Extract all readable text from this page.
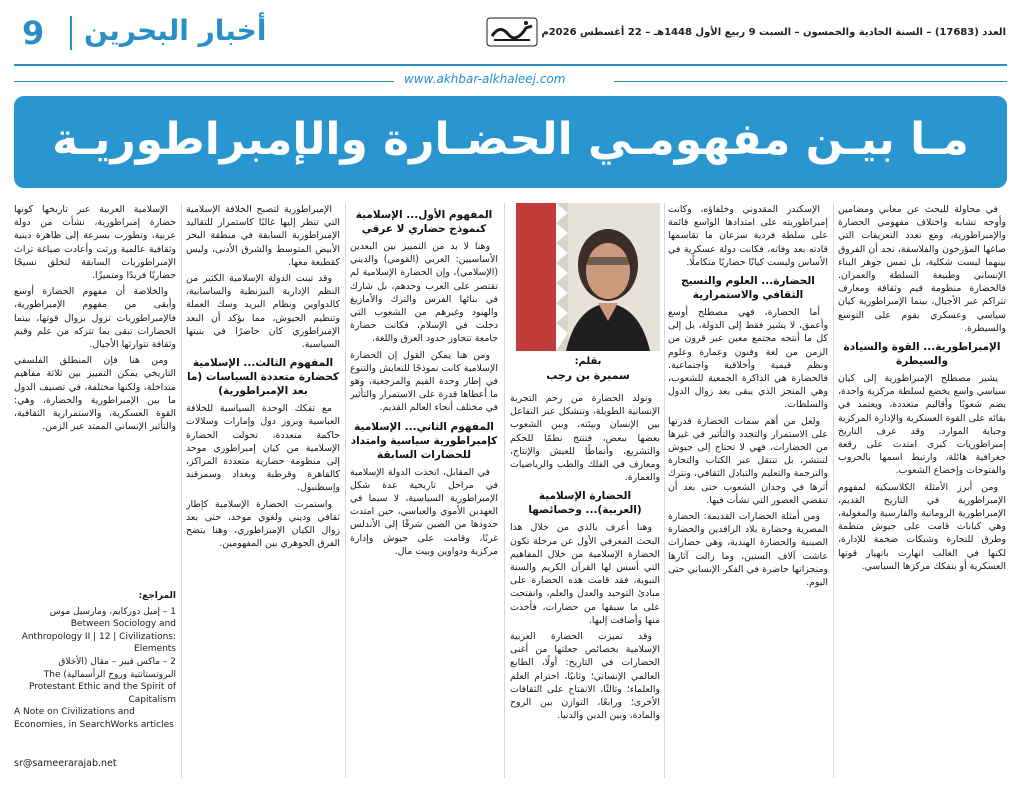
9 أخبار البحرين	العدد (17683) – السنة الحادية والخمسون – السبت 9 ربيع الأول 1448هـ – 22 أغسطس 2026م
www.akhbar-alkhaleej.com
مـا بيـن مفهومـي الحضـارة والإمبراطوريـة

في محاولة للبحث عن معاني ومضامين وأوجه تشابه واختلاف مفهومي الحضارة والإمبراطورية، ومع تعدد التعريفات التي صاغها المؤرخون والفلاسفة، نجد أن الفروق بينهما ليست شكلية، بل تمس جوهر البناء الإنساني وطبيعة السلطة والعمران. فالحضارة منظومة قيم وثقافة ومعارف تتراكم عبر الأجيال، بينما الإمبراطورية كيان سياسي وعسكري يقوم على التوسع والسيطرة.

الإمبراطورية... القوة والسيادة والسيطرة

يشير مصطلح الإمبراطورية إلى كيان سياسي واسع يخضع لسلطة مركزية واحدة، يضم شعوبًا وأقاليم متعددة، ويعتمد في بقائه على القوة العسكرية والإدارة المركزية وجباية الموارد. وقد عرف التاريخ إمبراطوريات كبرى امتدت على رقعة جغرافية هائلة، وارتبط اسمها بالحروب والفتوحات وإخضاع الشعوب.

ومن أبرز الأمثلة الكلاسيكية لمفهوم الإمبراطورية في التاريخ القديم، الإمبراطورية الرومانية والفارسية والمغولية، وهي كيانات قامت على جيوش منظمة وطرق للتجارة وشبكات ضخمة للإدارة، لكنها في الغالب انهارت بانهيار قوتها العسكرية أو بتفكك مركزها السياسي.

الإسكندر المقدوني وخلفاؤه، وكانت إمبراطوريته على امتدادها الواسع قائمة على سلطة فردية سرعان ما تقاسمها قادته بعد وفاته، فكانت دولة عسكرية في الأساس وليست كيانًا حضاريًا متكاملًا.

الحضارة... العلوم والنسيج الثقافي والاستمرارية

أما الحضارة، فهي مصطلح أوسع وأعمق، لا يشير فقط إلى الدولة، بل إلى كل ما أنتجه مجتمع معين عبر قرون من الزمن من لغة وفنون وعمارة وعلوم ونظم قيمية وأخلاقية واجتماعية. فالحضارة هي الذاكرة الجمعية للشعوب، وهي المنجز الذي يبقى بعد زوال الدول والسلطات.

ولعل من أهم سمات الحضارة قدرتها على الاستمرار والتجدد والتأثير في غيرها من الحضارات، فهي لا تحتاج إلى جيوش لتنتشر، بل تنتقل عبر الكتاب والتجارة والترجمة والتعليم والتبادل الثقافي، وتترك أثرها في وجدان الشعوب حتى بعد أن تنقضي العصور التي نشأت فيها.

ومن أمثلة الحضارات القديمة: الحضارة المصرية وحضارة بلاد الرافدين والحضارة الصينية والحضارة الهندية، وهي حضارات عاشت آلاف السنين، وما زالت آثارها ومنجزاتها حاضرة في الفكر الإنساني حتى اليوم.

بقلم:
سميرة بن رجب

ونولد الحضارة من رحم التجربة الإنسانية الطويلة، وتتشكل عبر التفاعل بين الإنسان وبيئته، وبين الشعوب بعضها ببعض، فتنتج نظمًا للحكم والتشريع، وأنماطًا للعيش والإنتاج، ومعارف في الفلك والطب والرياضيات والعمارة.

الحضارة الإسلامية (العربية)... وخصائصها

وهنا أعرف بالذي من خلال هذا البحث المعرفي الأول عن مرحلة تكون الحضارة الإسلامية من خلال المفاهيم التي أسس لها القرآن الكريم والسنة النبوية، فقد قامت هذه الحضارة على مبادئ التوحيد والعدل والعلم، وانفتحت على ما سبقها من حضارات، فأخذت منها وأضافت إليها.

وقد تميزت الحضارة العربية الإسلامية بخصائص جعلتها من أغنى الحضارات في التاريخ: أولًا، الطابع العالمي الإنساني؛ وثانيًا، احترام العلم والعلماء؛ وثالثًا، الانفتاح على الثقافات الأخرى؛ ورابعًا، التوازن بين الروح والمادة، وبين الدين والدنيا.

المفهوم الأول... الإسلامية كنموذج حضاري لا عرقي

وهنا لا بد من التمييز بين البعدين الأساسيين: العربي (القومي) والديني (الإسلامي)، وإن الحضارة الإسلامية لم تقتصر على العرب وحدهم، بل شارك في بنائها الفرس والترك والأمازيغ والهنود وغيرهم من الشعوب التي دخلت في الإسلام، فكانت حضارة جامعة تتجاوز حدود العرق واللغة.

ومن هنا يمكن القول إن الحضارة الإسلامية كانت نموذجًا للتعايش والتنوع في إطار وحدة القيم والمرجعية، وهو ما أعطاها قدرة على الاستمرار والتأثير في مختلف أنحاء العالم القديم.

المفهوم الثاني... الإسلامية كإمبراطورية سياسية وامتداد للحضارات السابقة

في المقابل، اتخذت الدولة الإسلامية في مراحل تاريخية عدة شكل الإمبراطورية السياسية، لا سيما في العهدين الأموي والعباسي، حين امتدت حدودها من الصين شرقًا إلى الأندلس غربًا، وقامت على جيوش وإدارة مركزية ودواوين وبيت مال.

الإمبراطورية لتصبح الخلافة الإسلامية التي تنظر إليها غالبًا كاستمرار للتقاليد الإمبراطورية السابقة في منطقة البحر الأبيض المتوسط والشرق الأدنى، وليس كقطيعة معها.

وقد تبنت الدولة الإسلامية الكثير من النظم الإدارية البيزنطية والساسانية، كالدواوين ونظام البريد وسك العملة وتنظيم الجيوش، مما يؤكد أن البعد الإمبراطوري كان حاضرًا في بنيتها السياسية.

المفهوم الثالث... الإسلامية كحضارة متعددة السياسات (ما بعد الإمبراطورية)

مع تفكك الوحدة السياسية للخلافة العباسية وبروز دول وإمارات وسلالات حاكمة متعددة، تحولت الحضارة الإسلامية من كيان إمبراطوري موحد إلى منظومة حضارية متعددة المراكز، كالقاهرة وقرطبة وبغداد وسمرقند وإسطنبول.

واستمرت الحضارة الإسلامية كإطار ثقافي وديني ولغوي موحد، حتى بعد زوال الكيان الإمبراطوري، وهنا يتضح الفرق الجوهري بين المفهومين.

الإسلامية العربية عبر تاريخها كونها حضارة إمبراطورية، نشأت من دولة عربية، وتطورت بسرعة إلى ظاهرة دينية وثقافية عالمية ورثت وأعادت صياغة تراث الإمبراطوريات السابقة لتخلق نسيجًا حضاريًا فريدًا ومتميزًا.

والخلاصة أن مفهوم الحضارة أوسع وأبقى من مفهوم الإمبراطورية، فالإمبراطوريات تزول بزوال قوتها، بينما الحضارات تبقى بما تتركه من علم وقيم وثقافة تتوارثها الأجيال.

ومن هنا فإن المنطلق الفلسفي التاريخي يمكن التمييز بين ثلاثة مفاهيم متداخلة، ولكنها مختلفة، في تصنيف الدول ما بين الإمبراطورية والحضارة، وهي: القوة العسكرية، والاستمرارية الثقافية، والتأثير الإنساني الممتد عبر الزمن.

المراجع:
1 – إميل دوركايم، ومارسيل موس Between Sociology and Anthropology II | 12 | Civilizations: Elements
2 – ماكس فيبر – مقال (الأخلاق البروتستانتية وروح الرأسمالية) The Protestant Ethic and the Spirit of Capitalism
A Note on Civilizations and Economies, in SearchWorks articles
sr@sameerarajab.net
